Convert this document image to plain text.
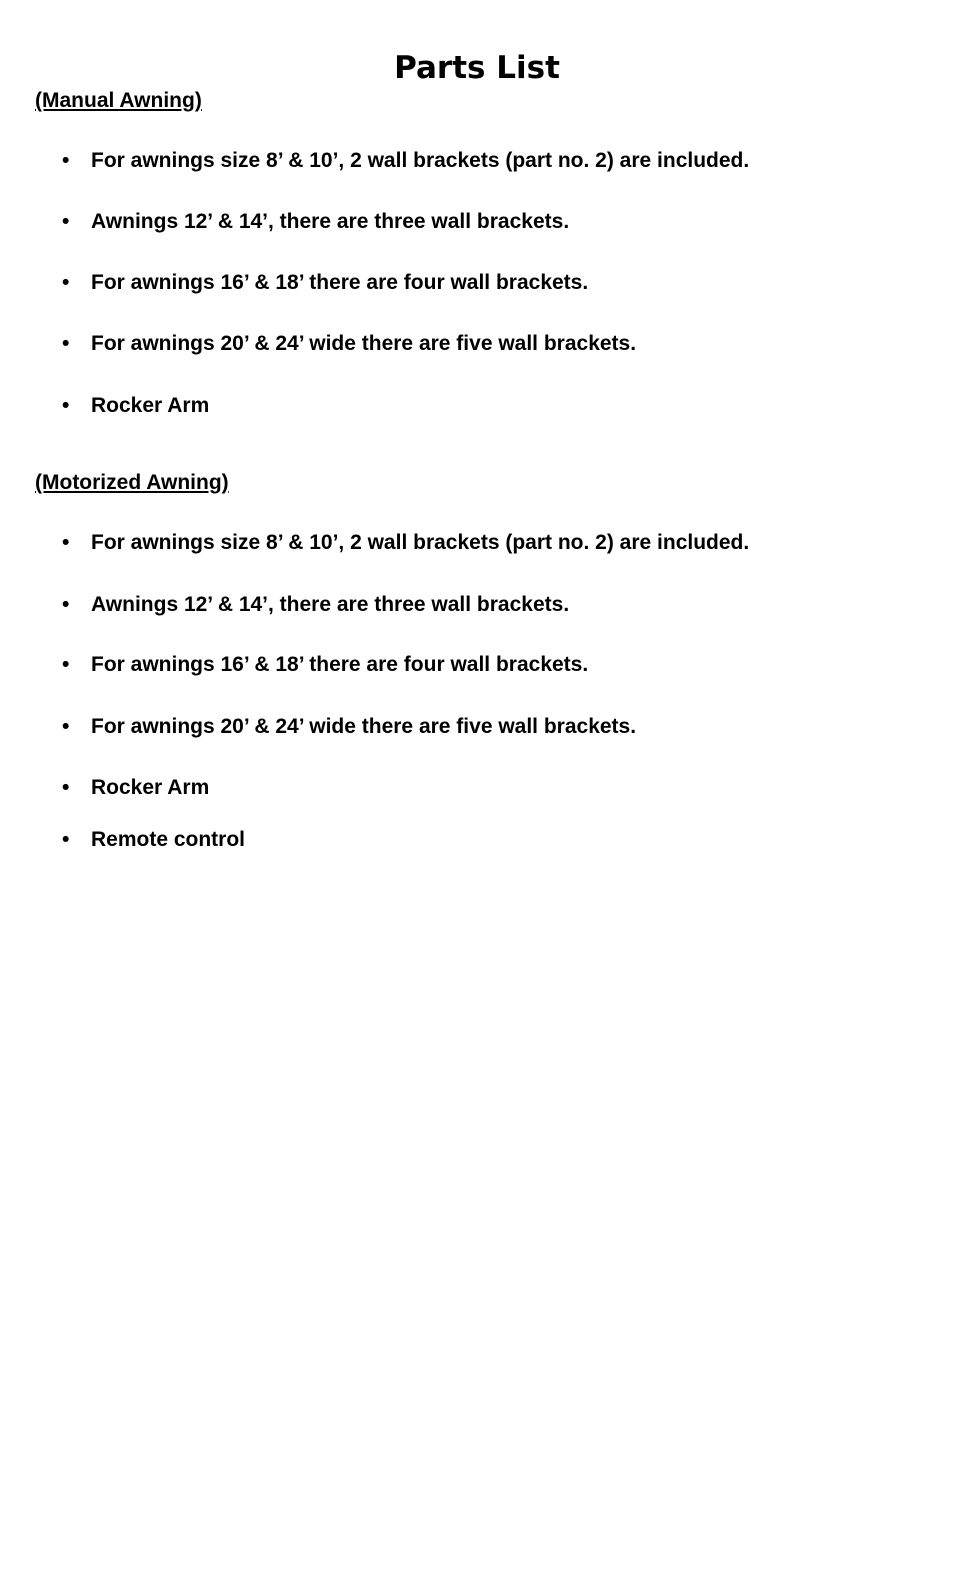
Parts List
(Manual Awning)
• For awnings size 8’ & 10’, 2 wall brackets (part no. 2) are included.
• Awnings 12’ & 14’, there are three wall brackets.
• For awnings 16’ & 18’ there are four wall brackets.
• For awnings 20’ & 24’ wide there are five wall brackets.
• Rocker Arm
(Motorized Awning)
• For awnings size 8’ & 10’, 2 wall brackets (part no. 2) are included.
• Awnings 12’ & 14’, there are three wall brackets.
• For awnings 16’ & 18’ there are four wall brackets.
• For awnings 20’ & 24’ wide there are five wall brackets.
• Rocker Arm
• Remote control
